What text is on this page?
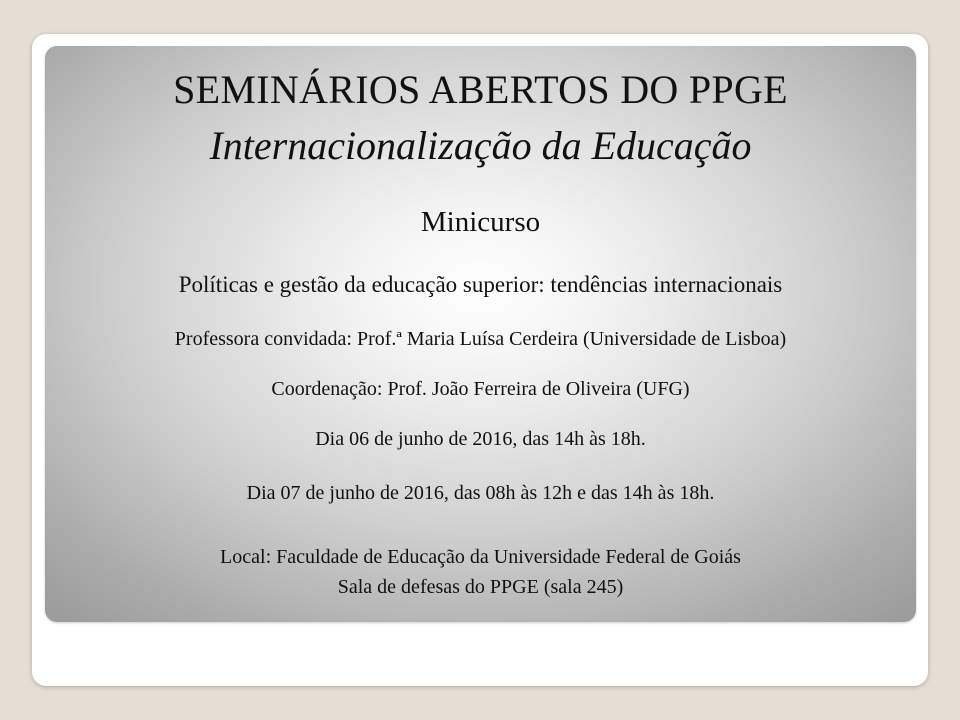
SEMINÁRIOS ABERTOS DO PPGE
Internacionalização da Educação
Minicurso
Políticas e gestão da educação superior: tendências internacionais
Professora convidada: Prof.ª Maria Luísa Cerdeira (Universidade de Lisboa)
Coordenação: Prof. João Ferreira de Oliveira (UFG)
Dia 06 de junho de 2016, das 14h às 18h.
Dia 07 de junho de 2016, das 08h às 12h e das 14h às 18h.
Local: Faculdade de Educação da Universidade Federal de Goiás
Sala de defesas do PPGE (sala 245)
